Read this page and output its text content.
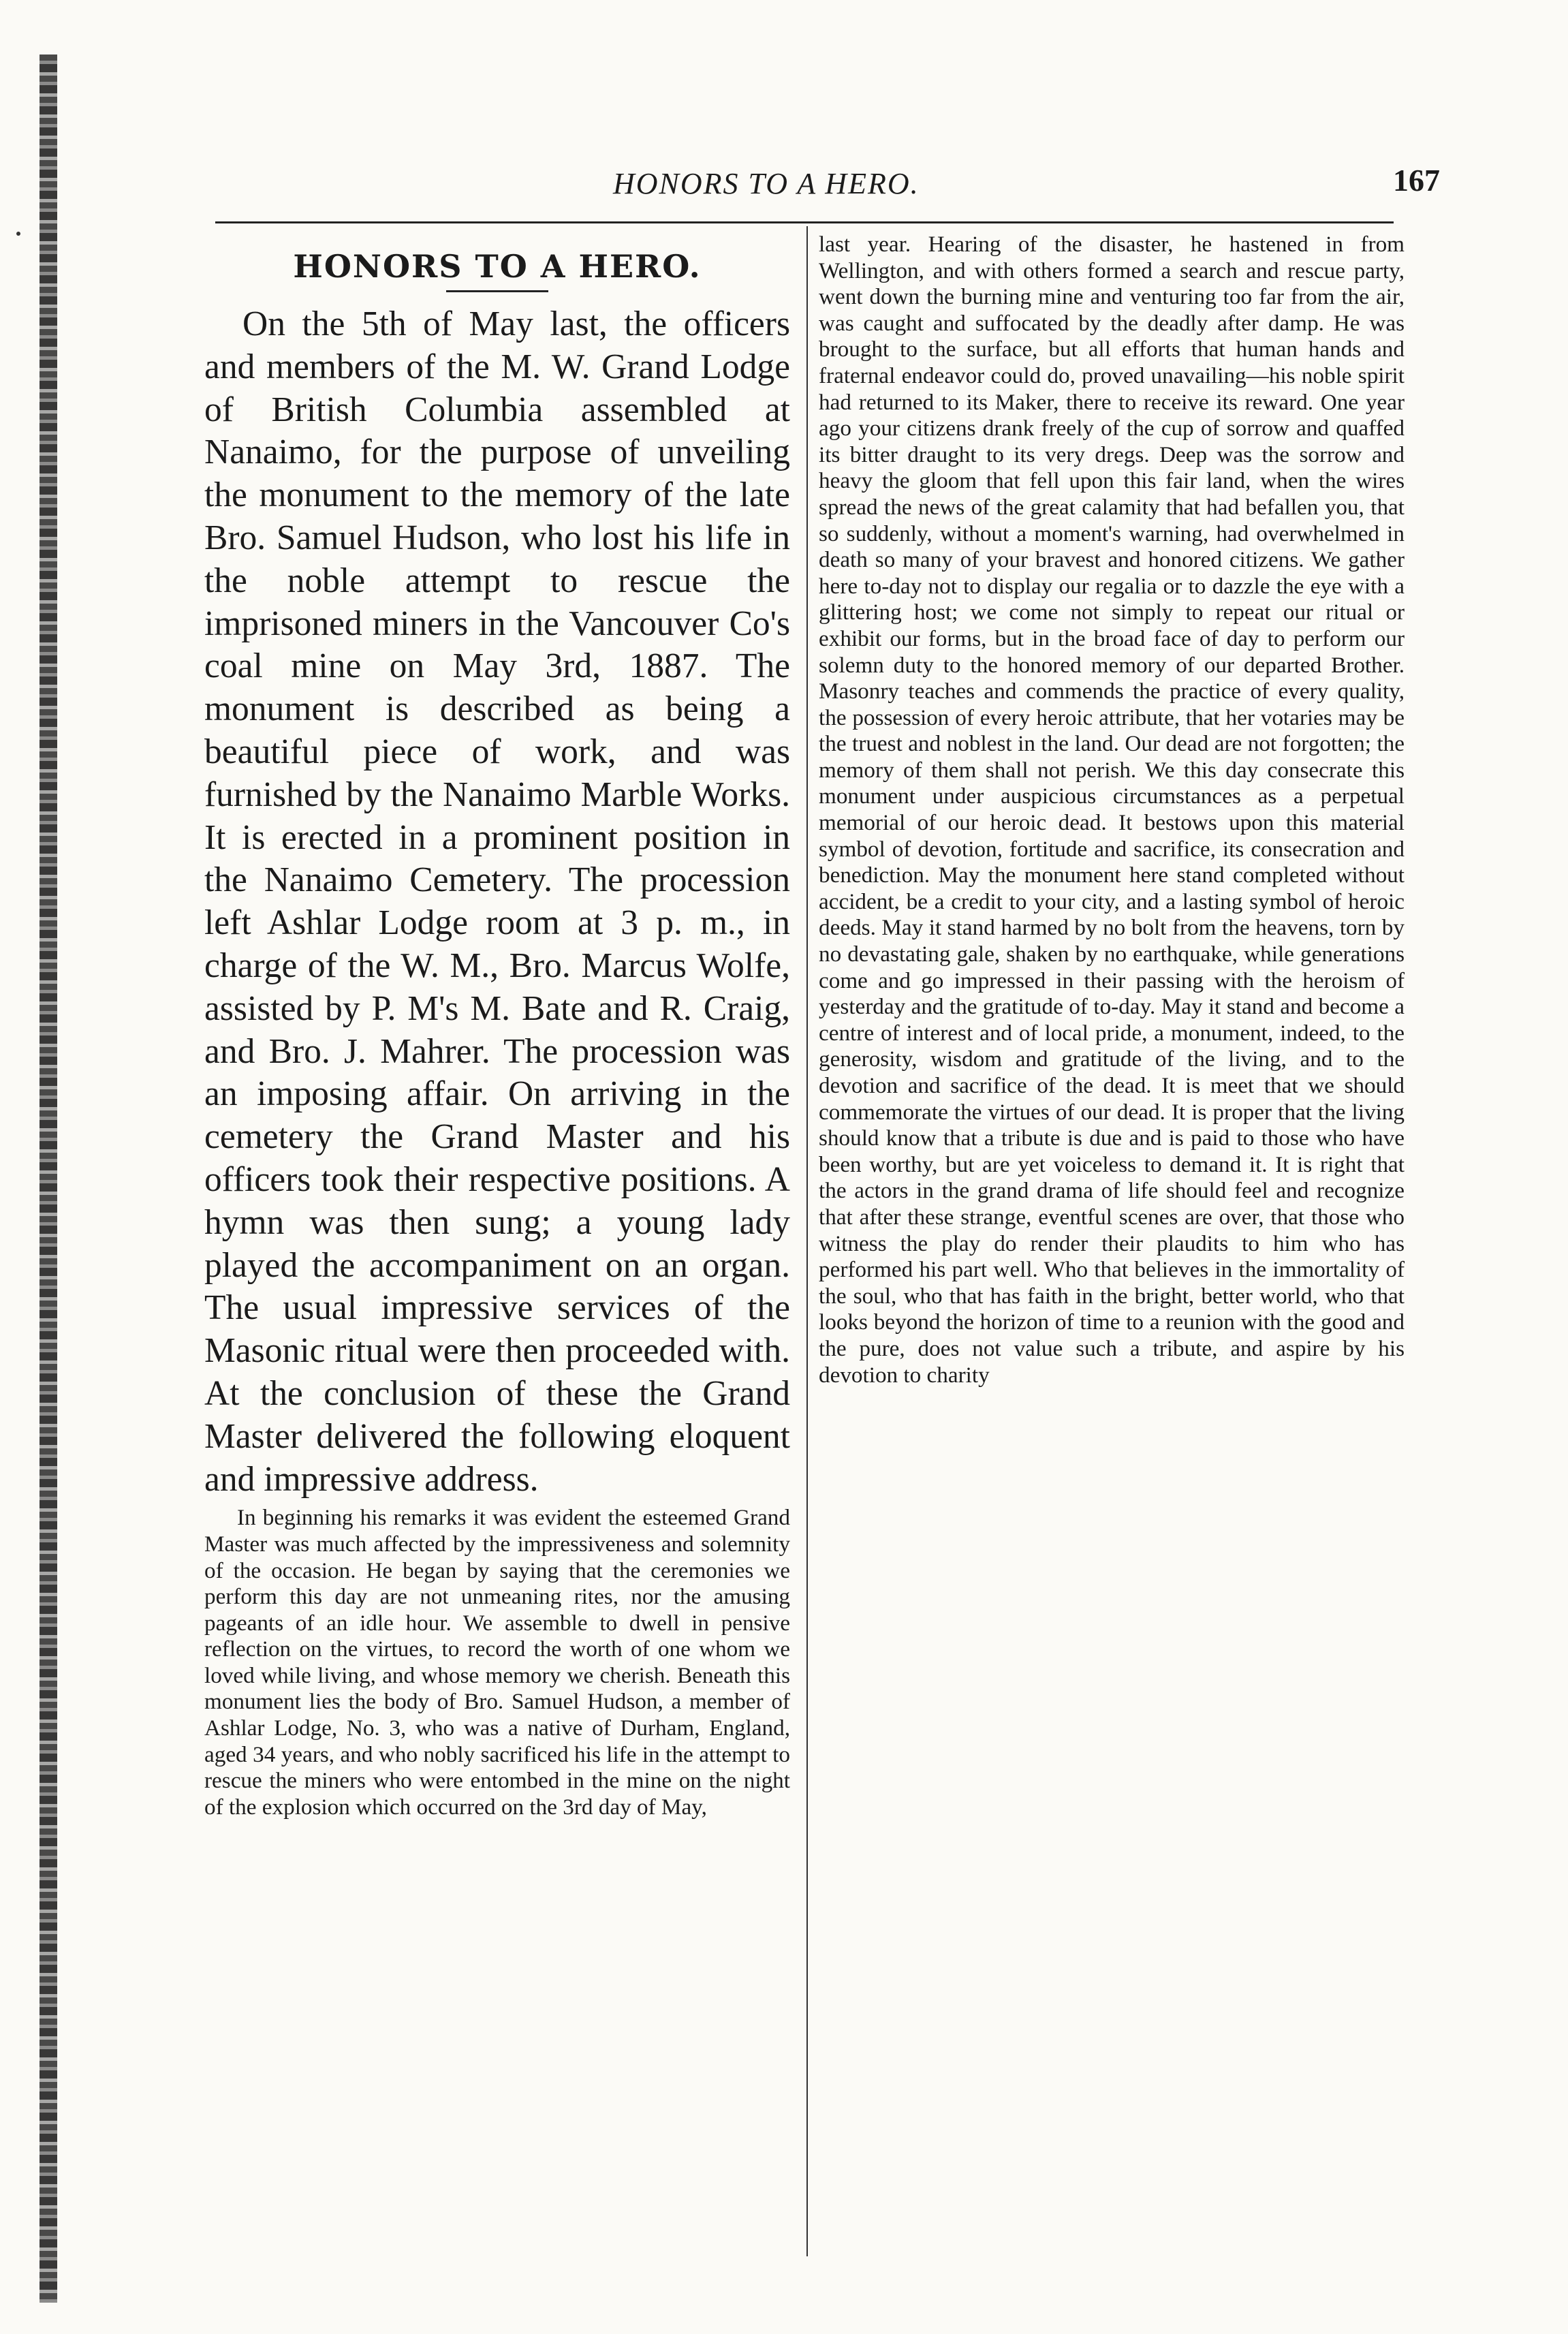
HONORS TO A HERO.	167
HONORS TO A HERO.

On the 5th of May last, the officers and members of the M. W. Grand Lodge of British Columbia assembled at Nanaimo, for the purpose of unveiling the monument to the memory of the late Bro. Samuel Hudson, who lost his life in the noble attempt to rescue the imprisoned miners in the Vancouver Co's coal mine on May 3rd, 1887. The monument is described as being a beautiful piece of work, and was furnished by the Nanaimo Marble Works. It is erected in a prominent position in the Nanaimo Cemetery. The procession left Ashlar Lodge room at 3 p. m., in charge of the W. M., Bro. Marcus Wolfe, assisted by P. M's M. Bate and R. Craig, and Bro. J. Mahrer. The procession was an imposing affair. On arriving in the cemetery the Grand Master and his officers took their respective positions. A hymn was then sung; a young lady played the accompaniment on an organ. The usual impressive services of the Masonic ritual were then proceeded with. At the conclusion of these the Grand Master delivered the following eloquent and impressive address.

In beginning his remarks it was evident the esteemed Grand Master was much affected by the impressiveness and solemnity of the occasion. He began by saying that the ceremonies we perform this day are not unmeaning rites, nor the amusing pageants of an idle hour. We assemble to dwell in pensive reflection on the virtues, to record the worth of one whom we loved while living, and whose memory we cherish. Beneath this monument lies the body of Bro. Samuel Hudson, a member of Ashlar Lodge, No. 3, who was a native of Durham, England, aged 34 years, and who nobly sacrificed his life in the attempt to rescue the miners who were entombed in the mine on the night of the explosion which occurred on the 3rd day of May,

last year. Hearing of the disaster, he hastened in from Wellington, and with others formed a search and rescue party, went down the burning mine and venturing too far from the air, was caught and suffocated by the deadly after damp. He was brought to the surface, but all efforts that human hands and fraternal endeavor could do, proved unavailing—his noble spirit had returned to its Maker, there to receive its reward. One year ago your citizens drank freely of the cup of sorrow and quaffed its bitter draught to its very dregs. Deep was the sorrow and heavy the gloom that fell upon this fair land, when the wires spread the news of the great calamity that had befallen you, that so suddenly, without a moment's warning, had overwhelmed in death so many of your bravest and honored citizens. We gather here to-day not to display our regalia or to dazzle the eye with a glittering host; we come not simply to repeat our ritual or exhibit our forms, but in the broad face of day to perform our solemn duty to the honored memory of our departed Brother. Masonry teaches and commends the practice of every quality, the possession of every heroic attribute, that her votaries may be the truest and noblest in the land. Our dead are not forgotten; the memory of them shall not perish. We this day consecrate this monument under auspicious circumstances as a perpetual memorial of our heroic dead. It bestows upon this material symbol of devotion, fortitude and sacrifice, its consecration and benediction. May the monument here stand completed without accident, be a credit to your city, and a lasting symbol of heroic deeds. May it stand harmed by no bolt from the heavens, torn by no devastating gale, shaken by no earthquake, while generations come and go impressed in their passing with the heroism of yesterday and the gratitude of to-day. May it stand and become a centre of interest and of local pride, a monument, indeed, to the generosity, wisdom and gratitude of the living, and to the devotion and sacrifice of the dead. It is meet that we should commemorate the virtues of our dead. It is proper that the living should know that a tribute is due and is paid to those who have been worthy, but are yet voiceless to demand it. It is right that the actors in the grand drama of life should feel and recognize that after these strange, eventful scenes are over, that those who witness the play do render their plaudits to him who has performed his part well. Who that believes in the immortality of the soul, who that has faith in the bright, better world, who that looks beyond the horizon of time to a reunion with the good and the pure, does not value such a tribute, and aspire by his devotion to charity
